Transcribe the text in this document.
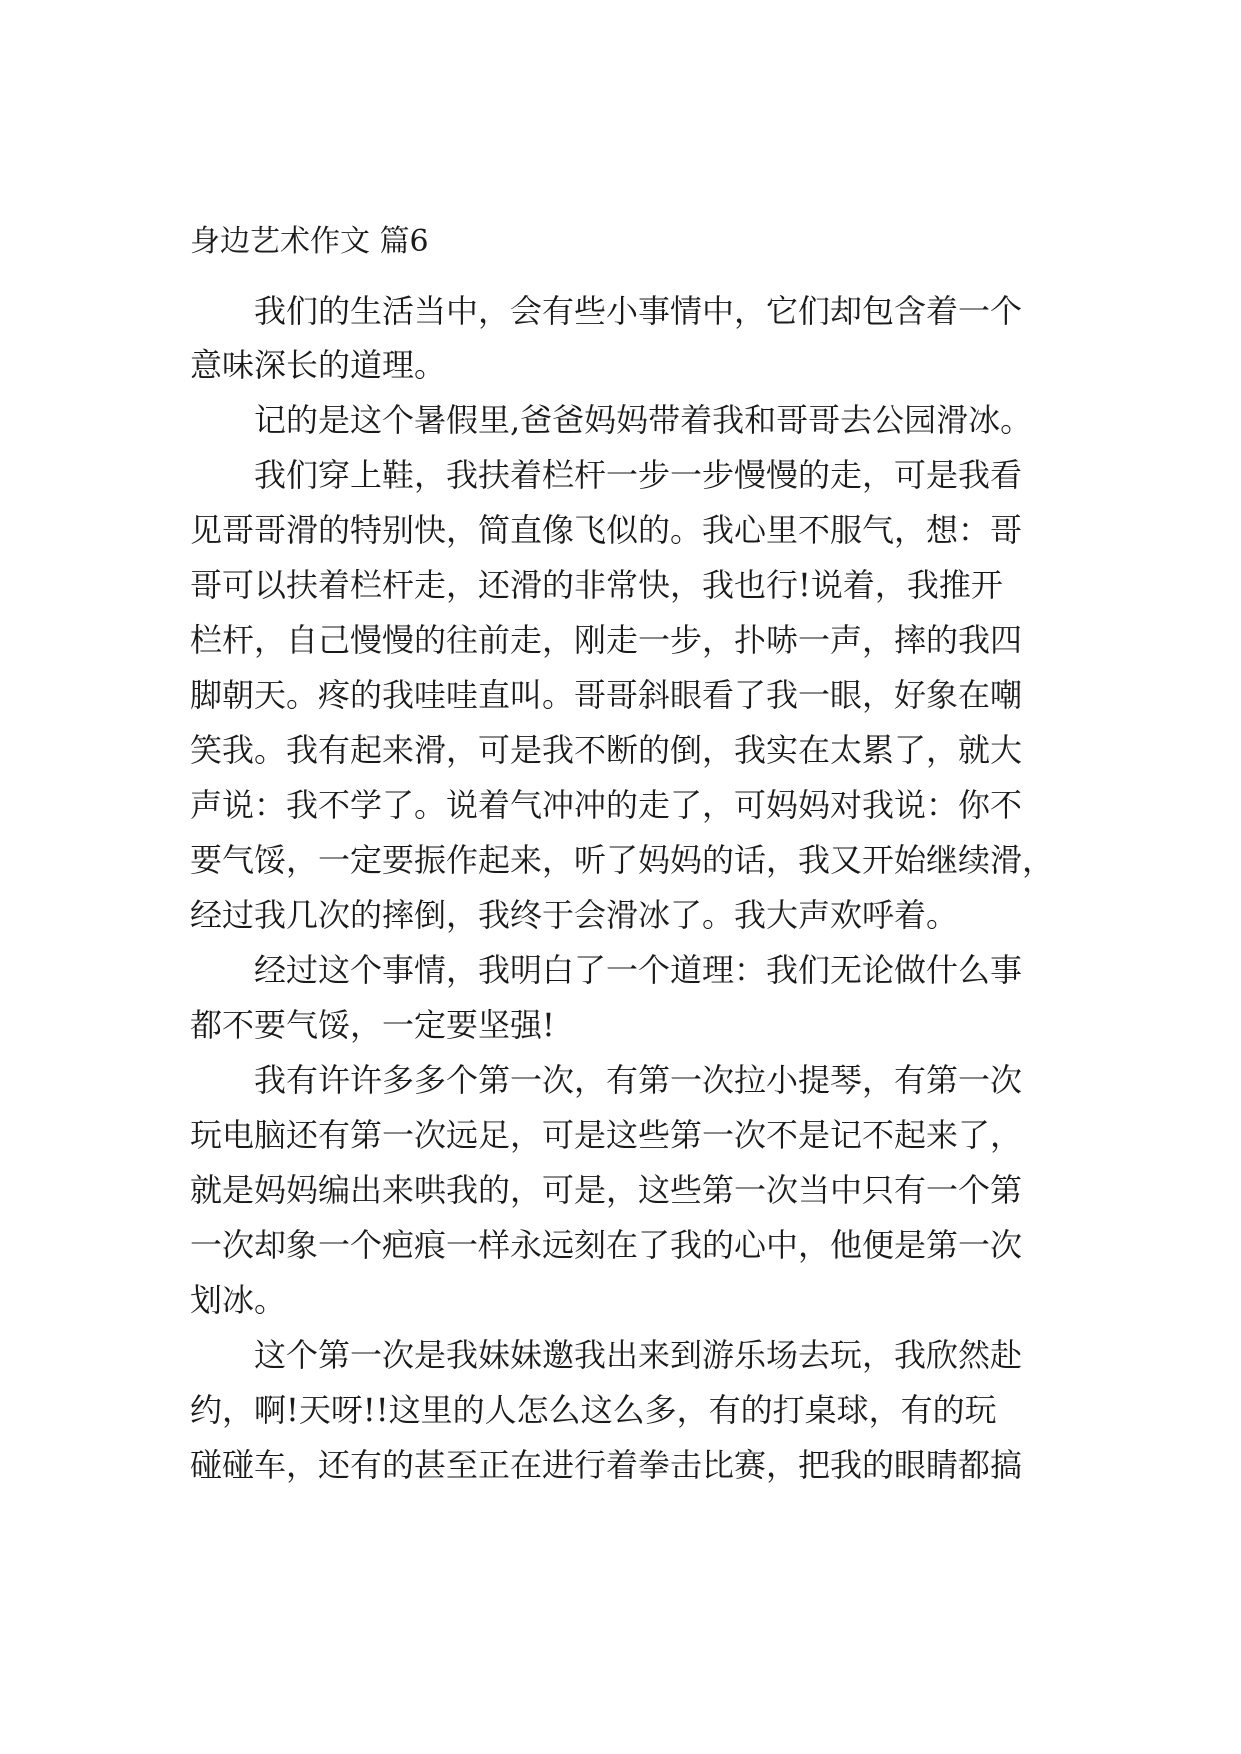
身边艺术作文 篇6
我们的生活当中，会有些小事情中，它们却包含着一个
意味深长的道理。
记的是这个暑假里,爸爸妈妈带着我和哥哥去公园滑冰。
我们穿上鞋，我扶着栏杆一步一步慢慢的走，可是我看
见哥哥滑的特别快，简直像飞似的。我心里不服气，想：哥
哥可以扶着栏杆走，还滑的非常快，我也行!说着，我推开
栏杆，自己慢慢的往前走，刚走一步，扑哧一声，摔的我四
脚朝天。疼的我哇哇直叫。哥哥斜眼看了我一眼，好象在嘲
笑我。我有起来滑，可是我不断的倒，我实在太累了，就大
声说：我不学了。说着气冲冲的走了，可妈妈对我说：你不
要气馁，一定要振作起来，听了妈妈的话，我又开始继续滑，
经过我几次的摔倒，我终于会滑冰了。我大声欢呼着。
经过这个事情，我明白了一个道理：我们无论做什么事
都不要气馁，一定要坚强!
我有许许多多个第一次，有第一次拉小提琴，有第一次
玩电脑还有第一次远足，可是这些第一次不是记不起来了，
就是妈妈编出来哄我的，可是，这些第一次当中只有一个第
一次却象一个疤痕一样永远刻在了我的心中，他便是第一次
划冰。
这个第一次是我妹妹邀我出来到游乐场去玩，我欣然赴
约，啊!天呀!!这里的人怎么这么多，有的打桌球，有的玩
碰碰车，还有的甚至正在进行着拳击比赛，把我的眼睛都搞
